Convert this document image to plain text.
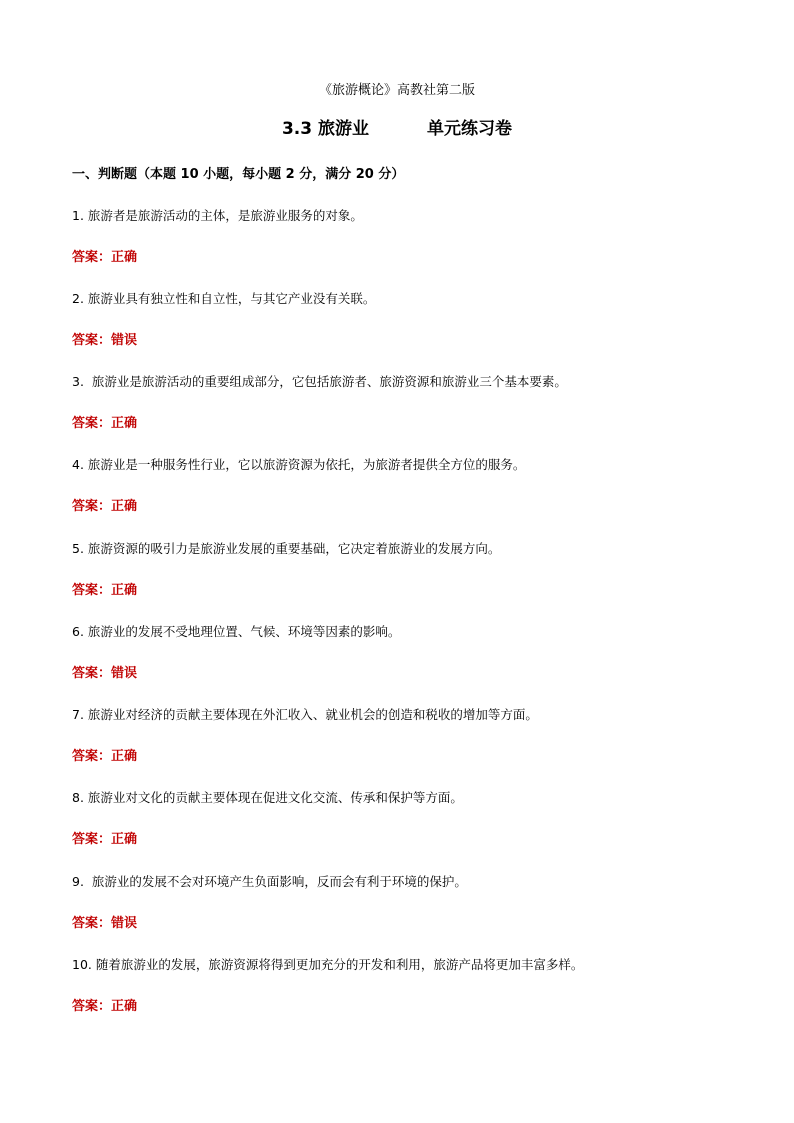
《旅游概论》高教社第二版
3.3 旅游业	单元练习卷
一、判断题（本题 10 小题，每小题 2 分，满分 20 分）
1. 旅游者是旅游活动的主体，是旅游业服务的对象。
答案：正确
2. 旅游业具有独立性和自立性，与其它产业没有关联。
答案：错误
3.  旅游业是旅游活动的重要组成部分，它包括旅游者、旅游资源和旅游业三个基本要素。
答案：正确
4. 旅游业是一种服务性行业，它以旅游资源为依托，为旅游者提供全方位的服务。
答案：正确
5. 旅游资源的吸引力是旅游业发展的重要基础，它决定着旅游业的发展方向。
答案：正确
6. 旅游业的发展不受地理位置、气候、环境等因素的影响。
答案：错误
7. 旅游业对经济的贡献主要体现在外汇收入、就业机会的创造和税收的增加等方面。
答案：正确
8. 旅游业对文化的贡献主要体现在促进文化交流、传承和保护等方面。
答案：正确
9.  旅游业的发展不会对环境产生负面影响，反而会有利于环境的保护。
答案：错误
10. 随着旅游业的发展，旅游资源将得到更加充分的开发和利用，旅游产品将更加丰富多样。
答案：正确
